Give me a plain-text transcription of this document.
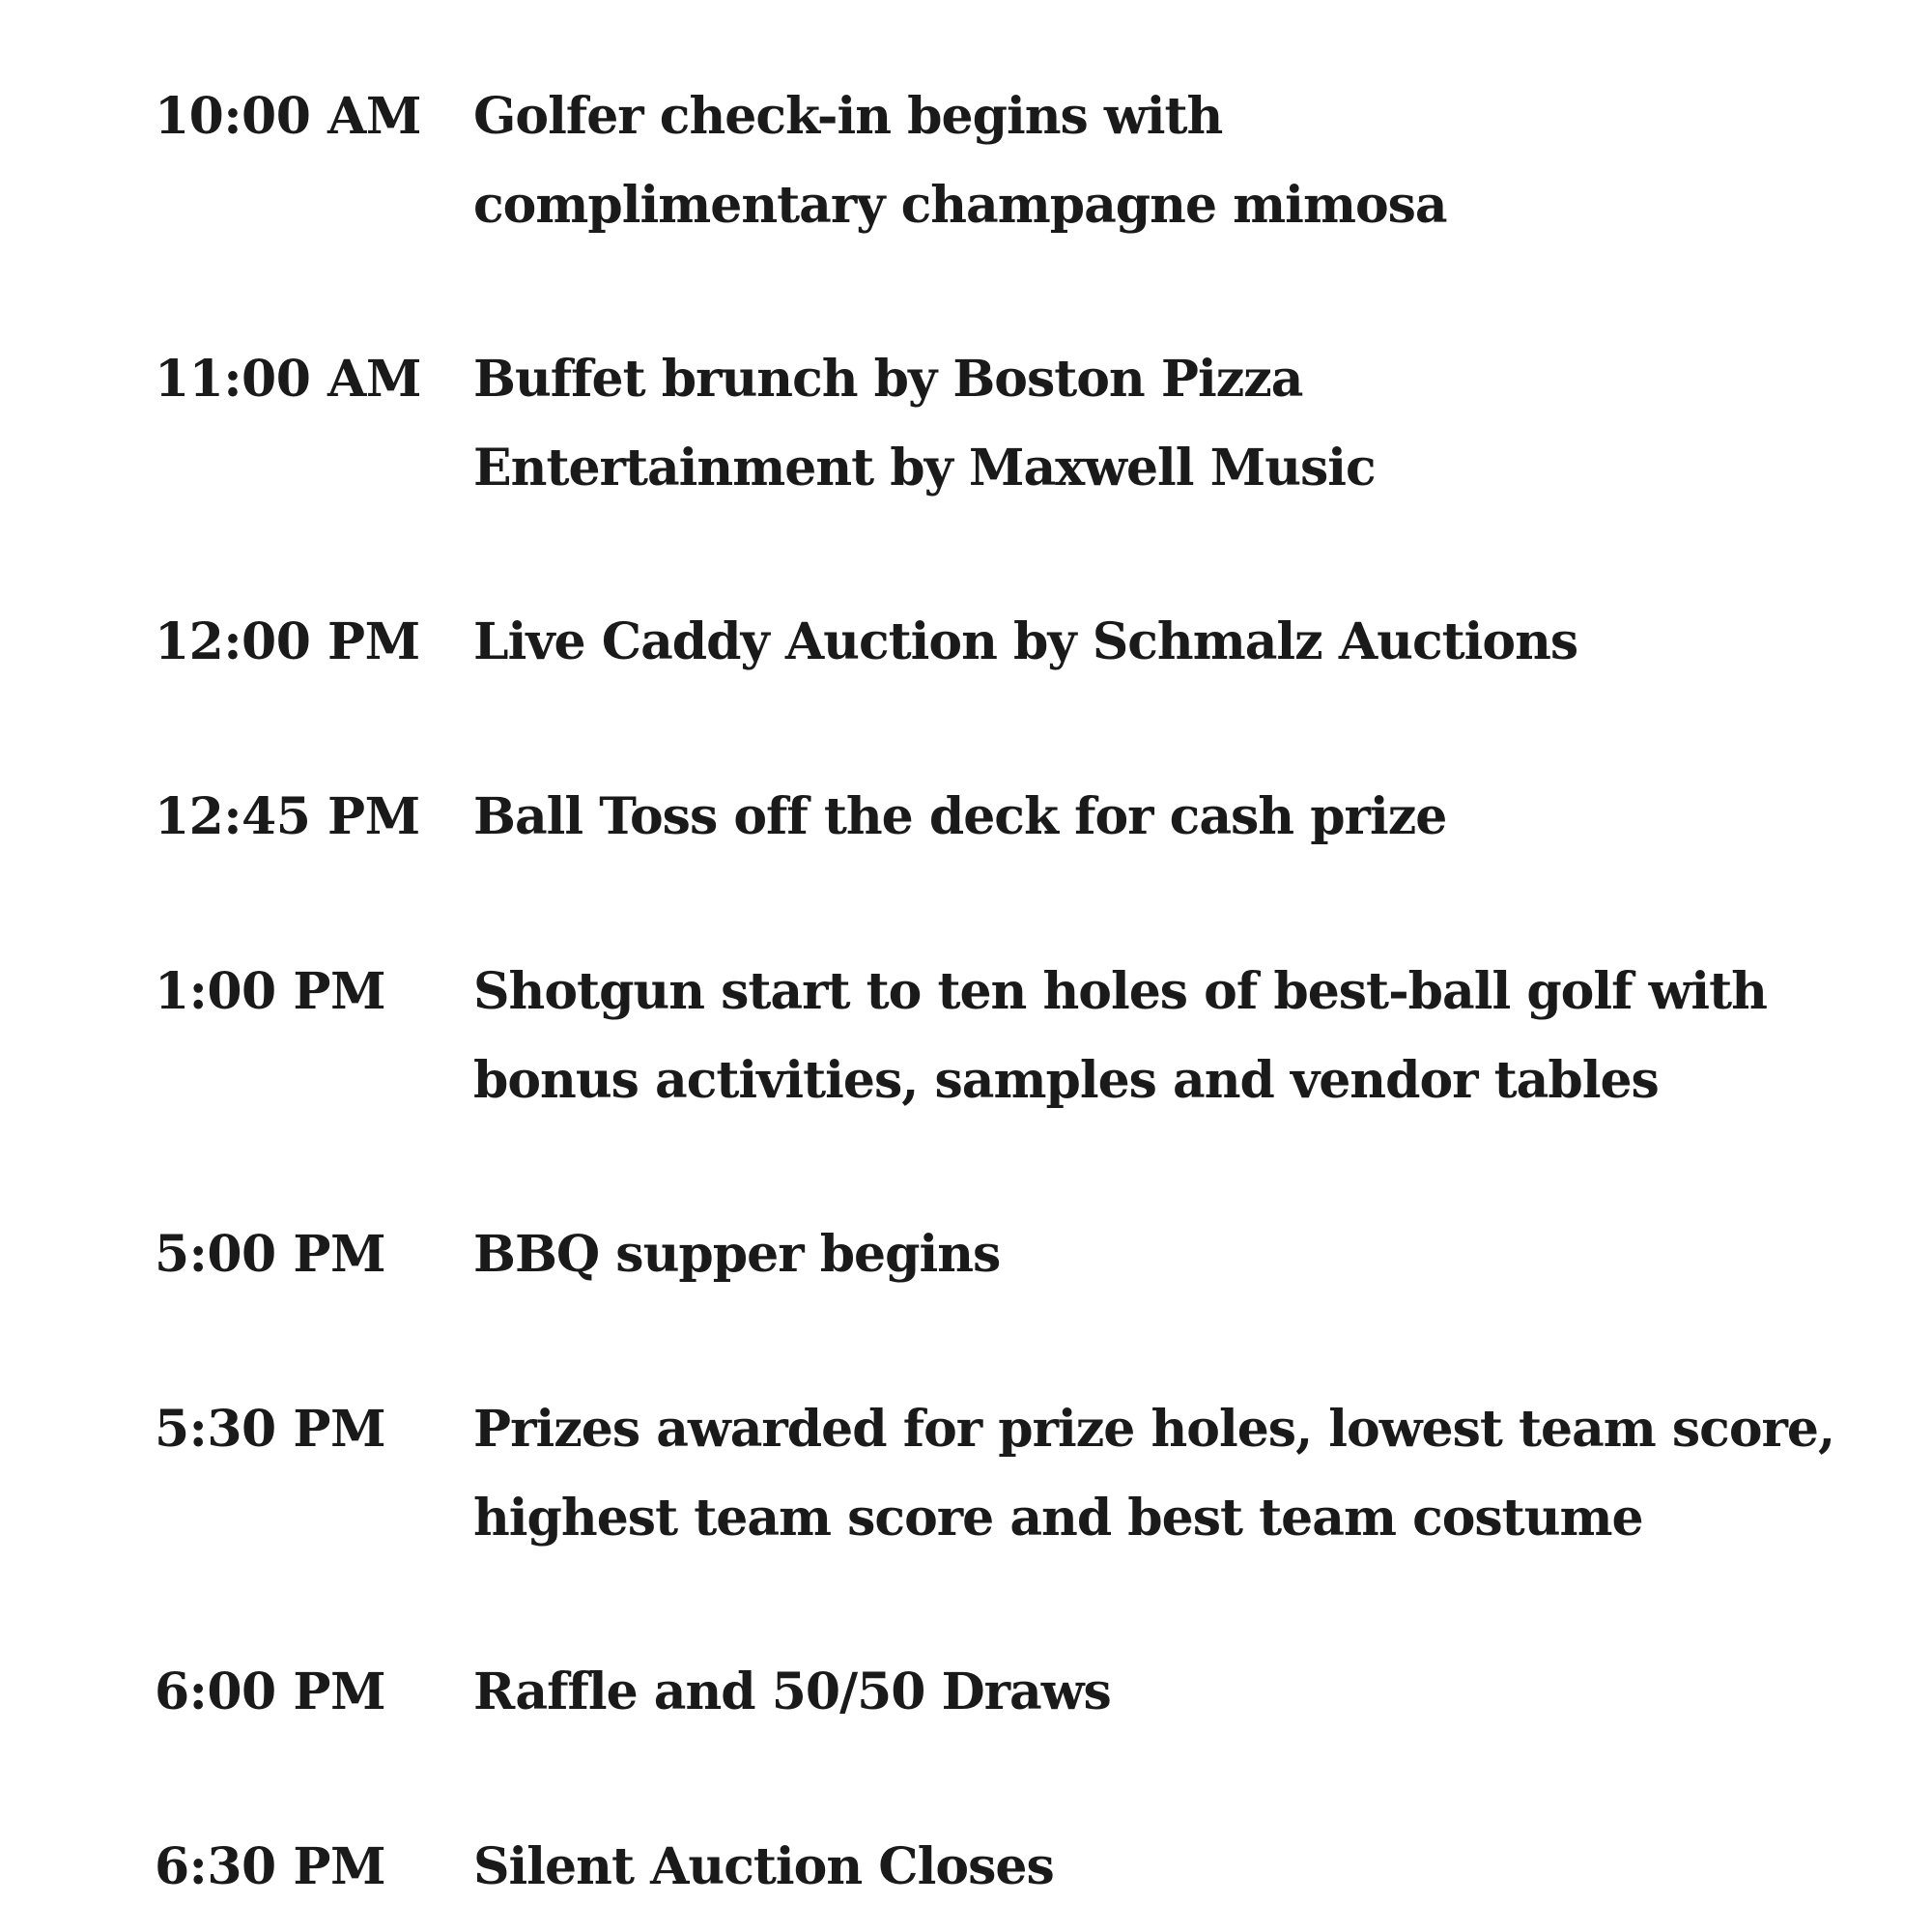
10:00 AM Golfer check-in begins with
complimentary champagne mimosa
11:00 AM Buffet brunch by Boston Pizza
Entertainment by Maxwell Music
12:00 PM Live Caddy Auction by Schmalz Auctions
12:45 PM Ball Toss off the deck for cash prize
1:00 PM Shotgun start to ten holes of best-ball golf with
bonus activities, samples and vendor tables
5:00 PM BBQ supper begins
5:30 PM Prizes awarded for prize holes, lowest team score,
highest team score and best team costume
6:00 PM Raffle and 50/50 Draws
6:30 PM Silent Auction Closes
